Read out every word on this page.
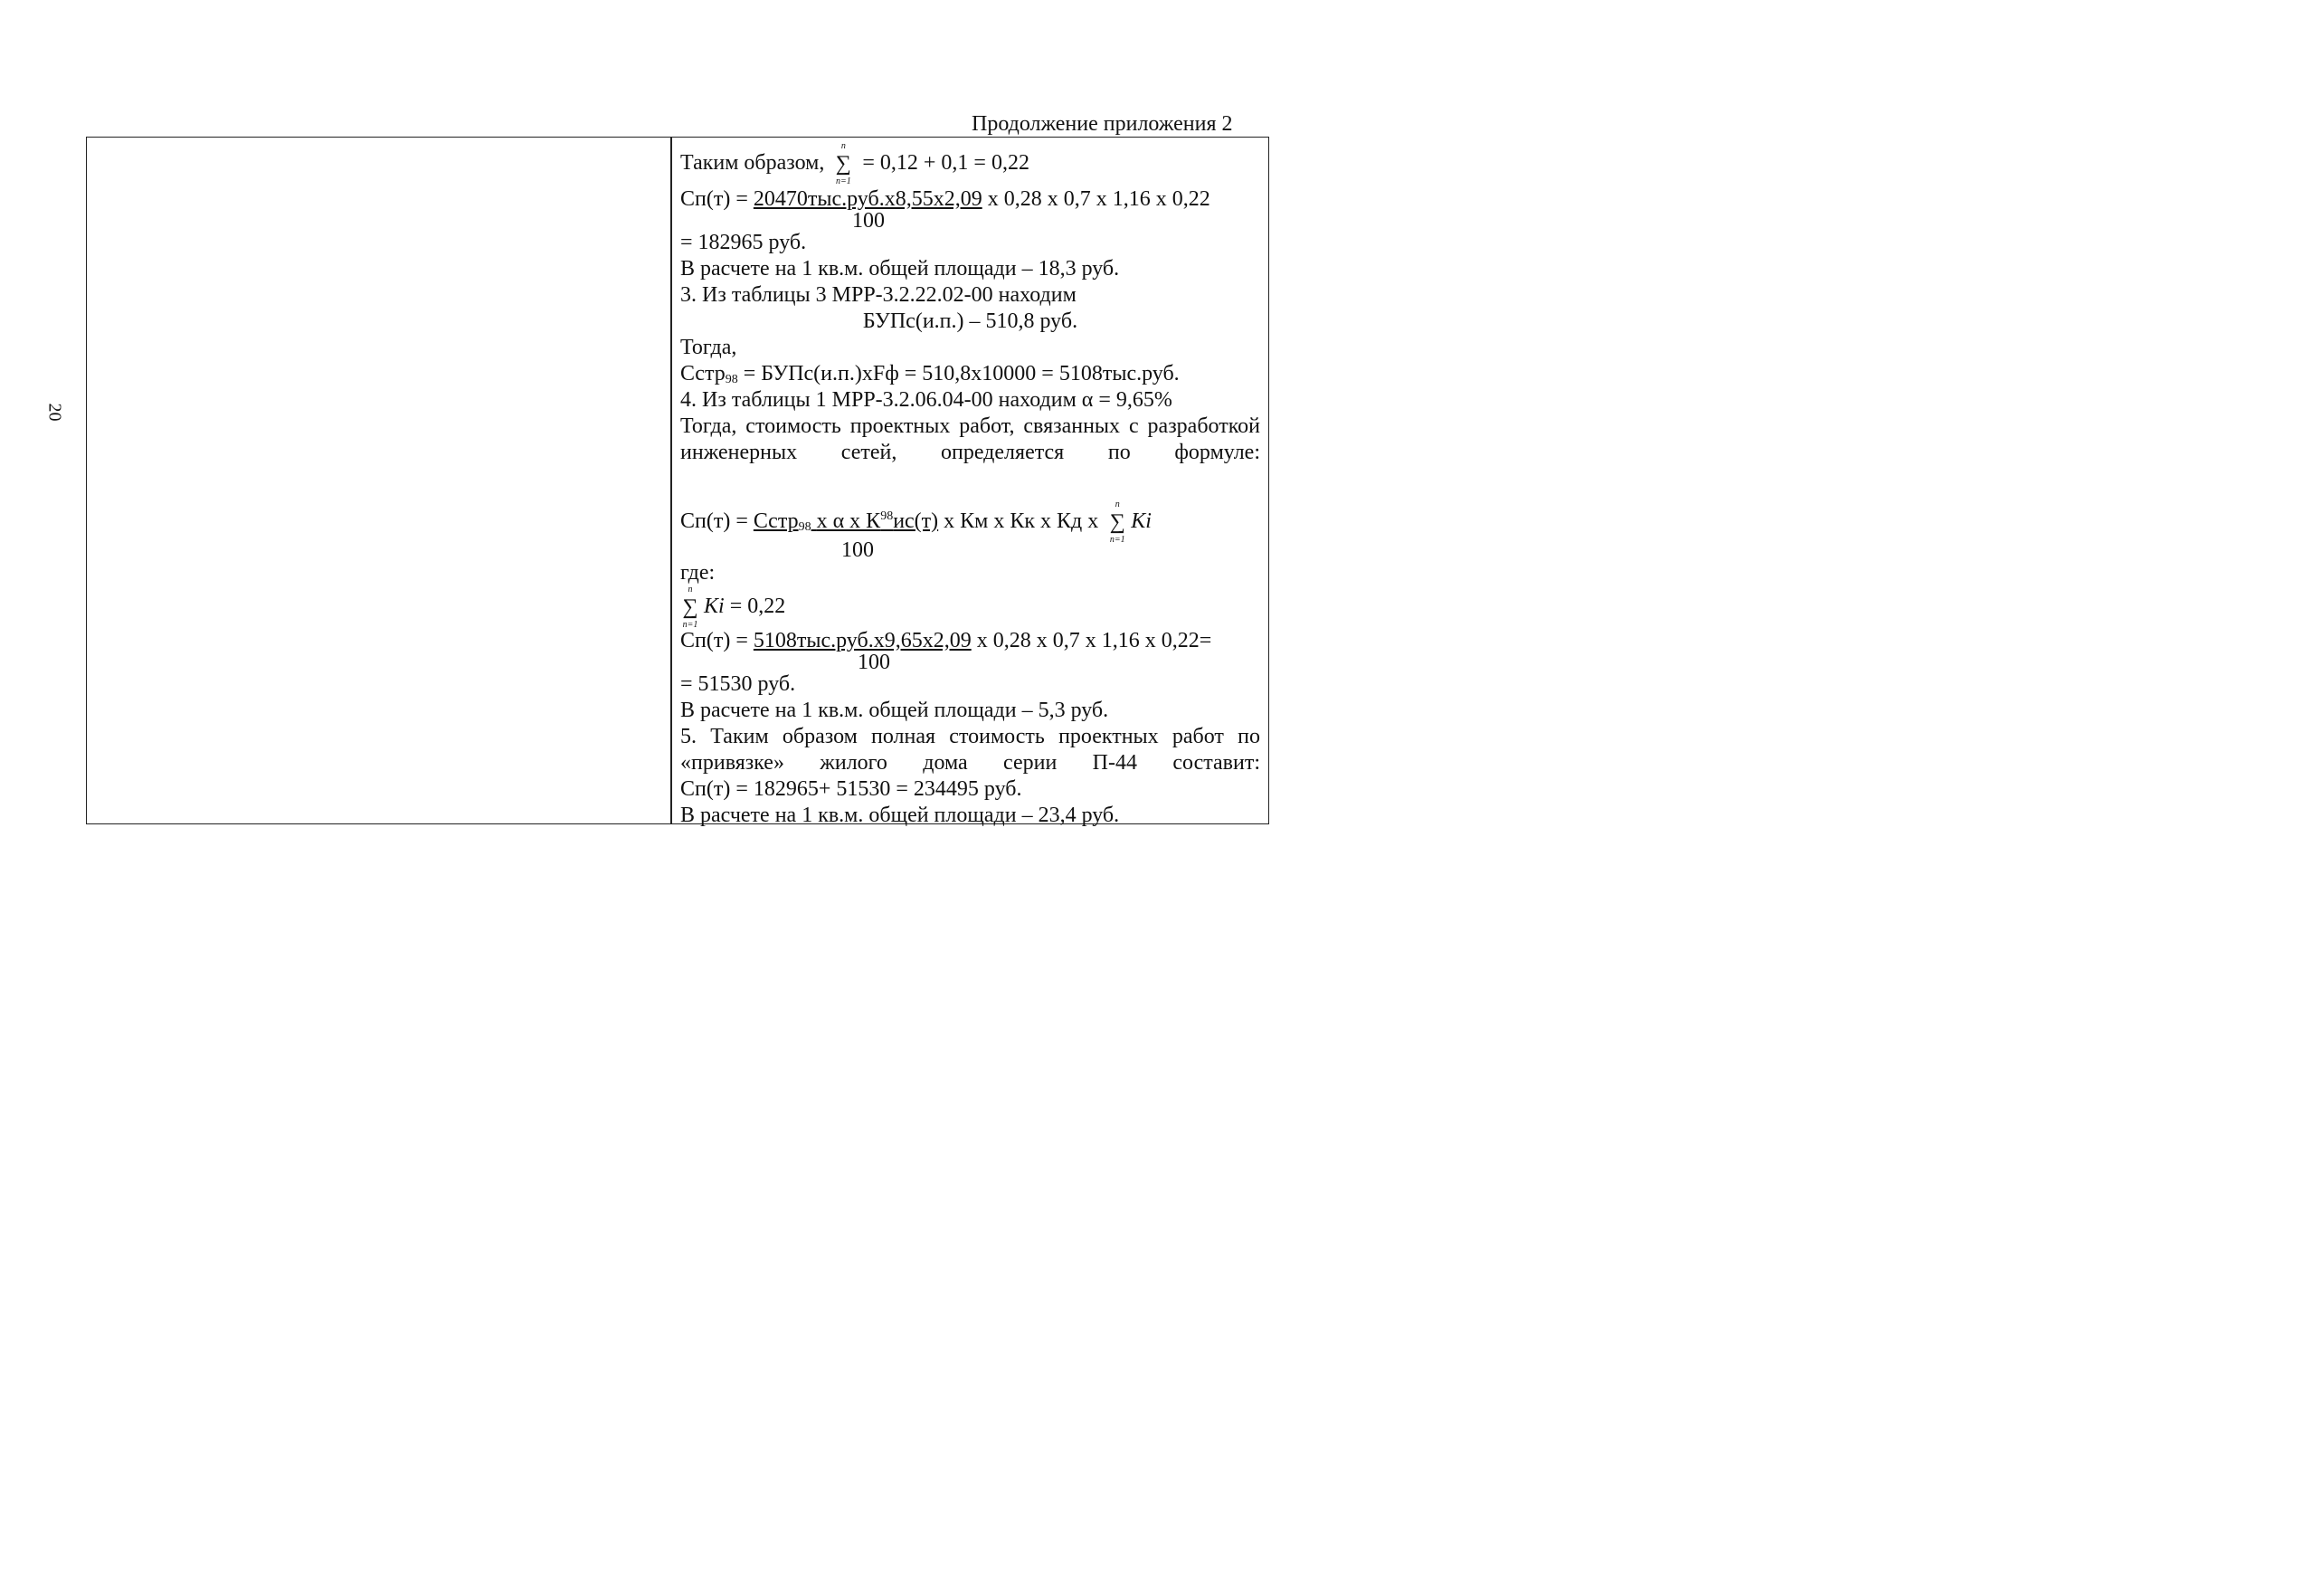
20
Продолжение приложения 2
Таким образом, ∑
n
n=1
= 0,12 + 0,1 = 0,22
Сп(т) = 20470тыс.руб.х8,55х2,09 х 0,28 х 0,7 х 1,16 х 0,22
100
= 182965 руб.
В расчете на 1 кв.м. общей площади – 18,3 руб.
3. Из таблицы 3 МРР-3.2.22.02-00 находим
БУПс(и.п.) – 510,8 руб.
Тогда,
Сстр$_{98}$ = БУПс(и.п.)хFф = 510,8х10000 = 5108тыс.руб.
4. Из таблицы 1 МРР-3.2.06.04-00 находим α = 9,65%
Тогда, стоимость проектных работ, связанных с разработкой инженерных сетей, определяется по формуле:
Сп(т) = Сстр$_{98}$ х α х $К^{98}ис(т)$ х Км х Кк х Кд х ∑
n
n=1
Ki
100
где:
∑
n
n=1
Ki = 0,22
Сп(т) = 5108тыс.руб.х9,65х2,09 х 0,28 х 0,7 х 1,16 х 0,22=
100
= 51530 руб.
В расчете на 1 кв.м. общей площади – 5,3 руб.
5. Таким образом полная стоимость проектных работ по «привязке» жилого дома серии П-44 составит:
Сп(т) = 182965+ 51530 = 234495 руб.
В расчете на 1 кв.м. общей площади – 23,4 руб.
